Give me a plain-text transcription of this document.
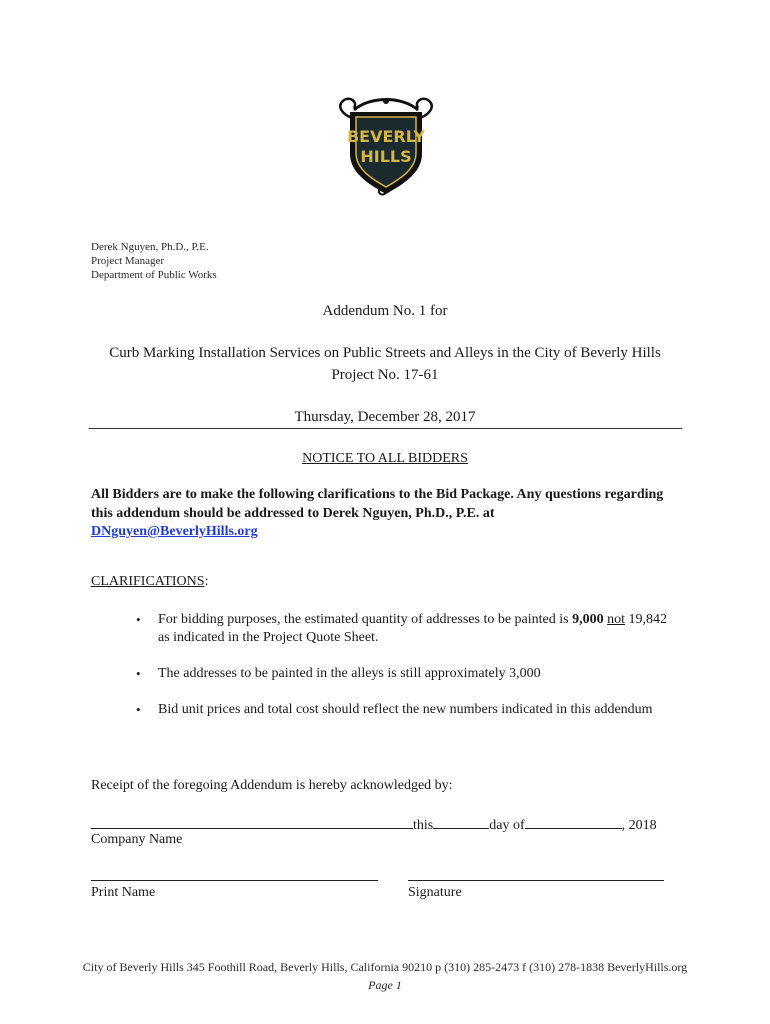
BEVERLY
HILLS
Derek Nguyen, Ph.D., P.E.
Project Manager
Department of Public Works
Addendum No. 1 for
Curb Marking Installation Services on Public Streets and Alleys in the City of Beverly Hills
Project No. 17-61
Thursday, December 28, 2017
NOTICE TO ALL BIDDERS
All Bidders are to make the following clarifications to the Bid Package. Any questions regarding this addendum should be addressed to Derek Nguyen, Ph.D., P.E. at
DNguyen@BeverlyHills.org
CLARIFICATIONS:
• For bidding purposes, the estimated quantity of addresses to be painted is 9,000 not 19,842 as indicated in the Project Quote Sheet.
• The addresses to be painted in the alleys is still approximately 3,000
• Bid unit prices and total cost should reflect the new numbers indicated in this addendum
Receipt of the foregoing Addendum is hereby acknowledged by:
this	day of	, 2018
Company Name
Print Name	Signature
City of Beverly Hills 345 Foothill Road, Beverly Hills, California 90210 p (310) 285-2473 f (310) 278-1838 BeverlyHills.org
Page 1
